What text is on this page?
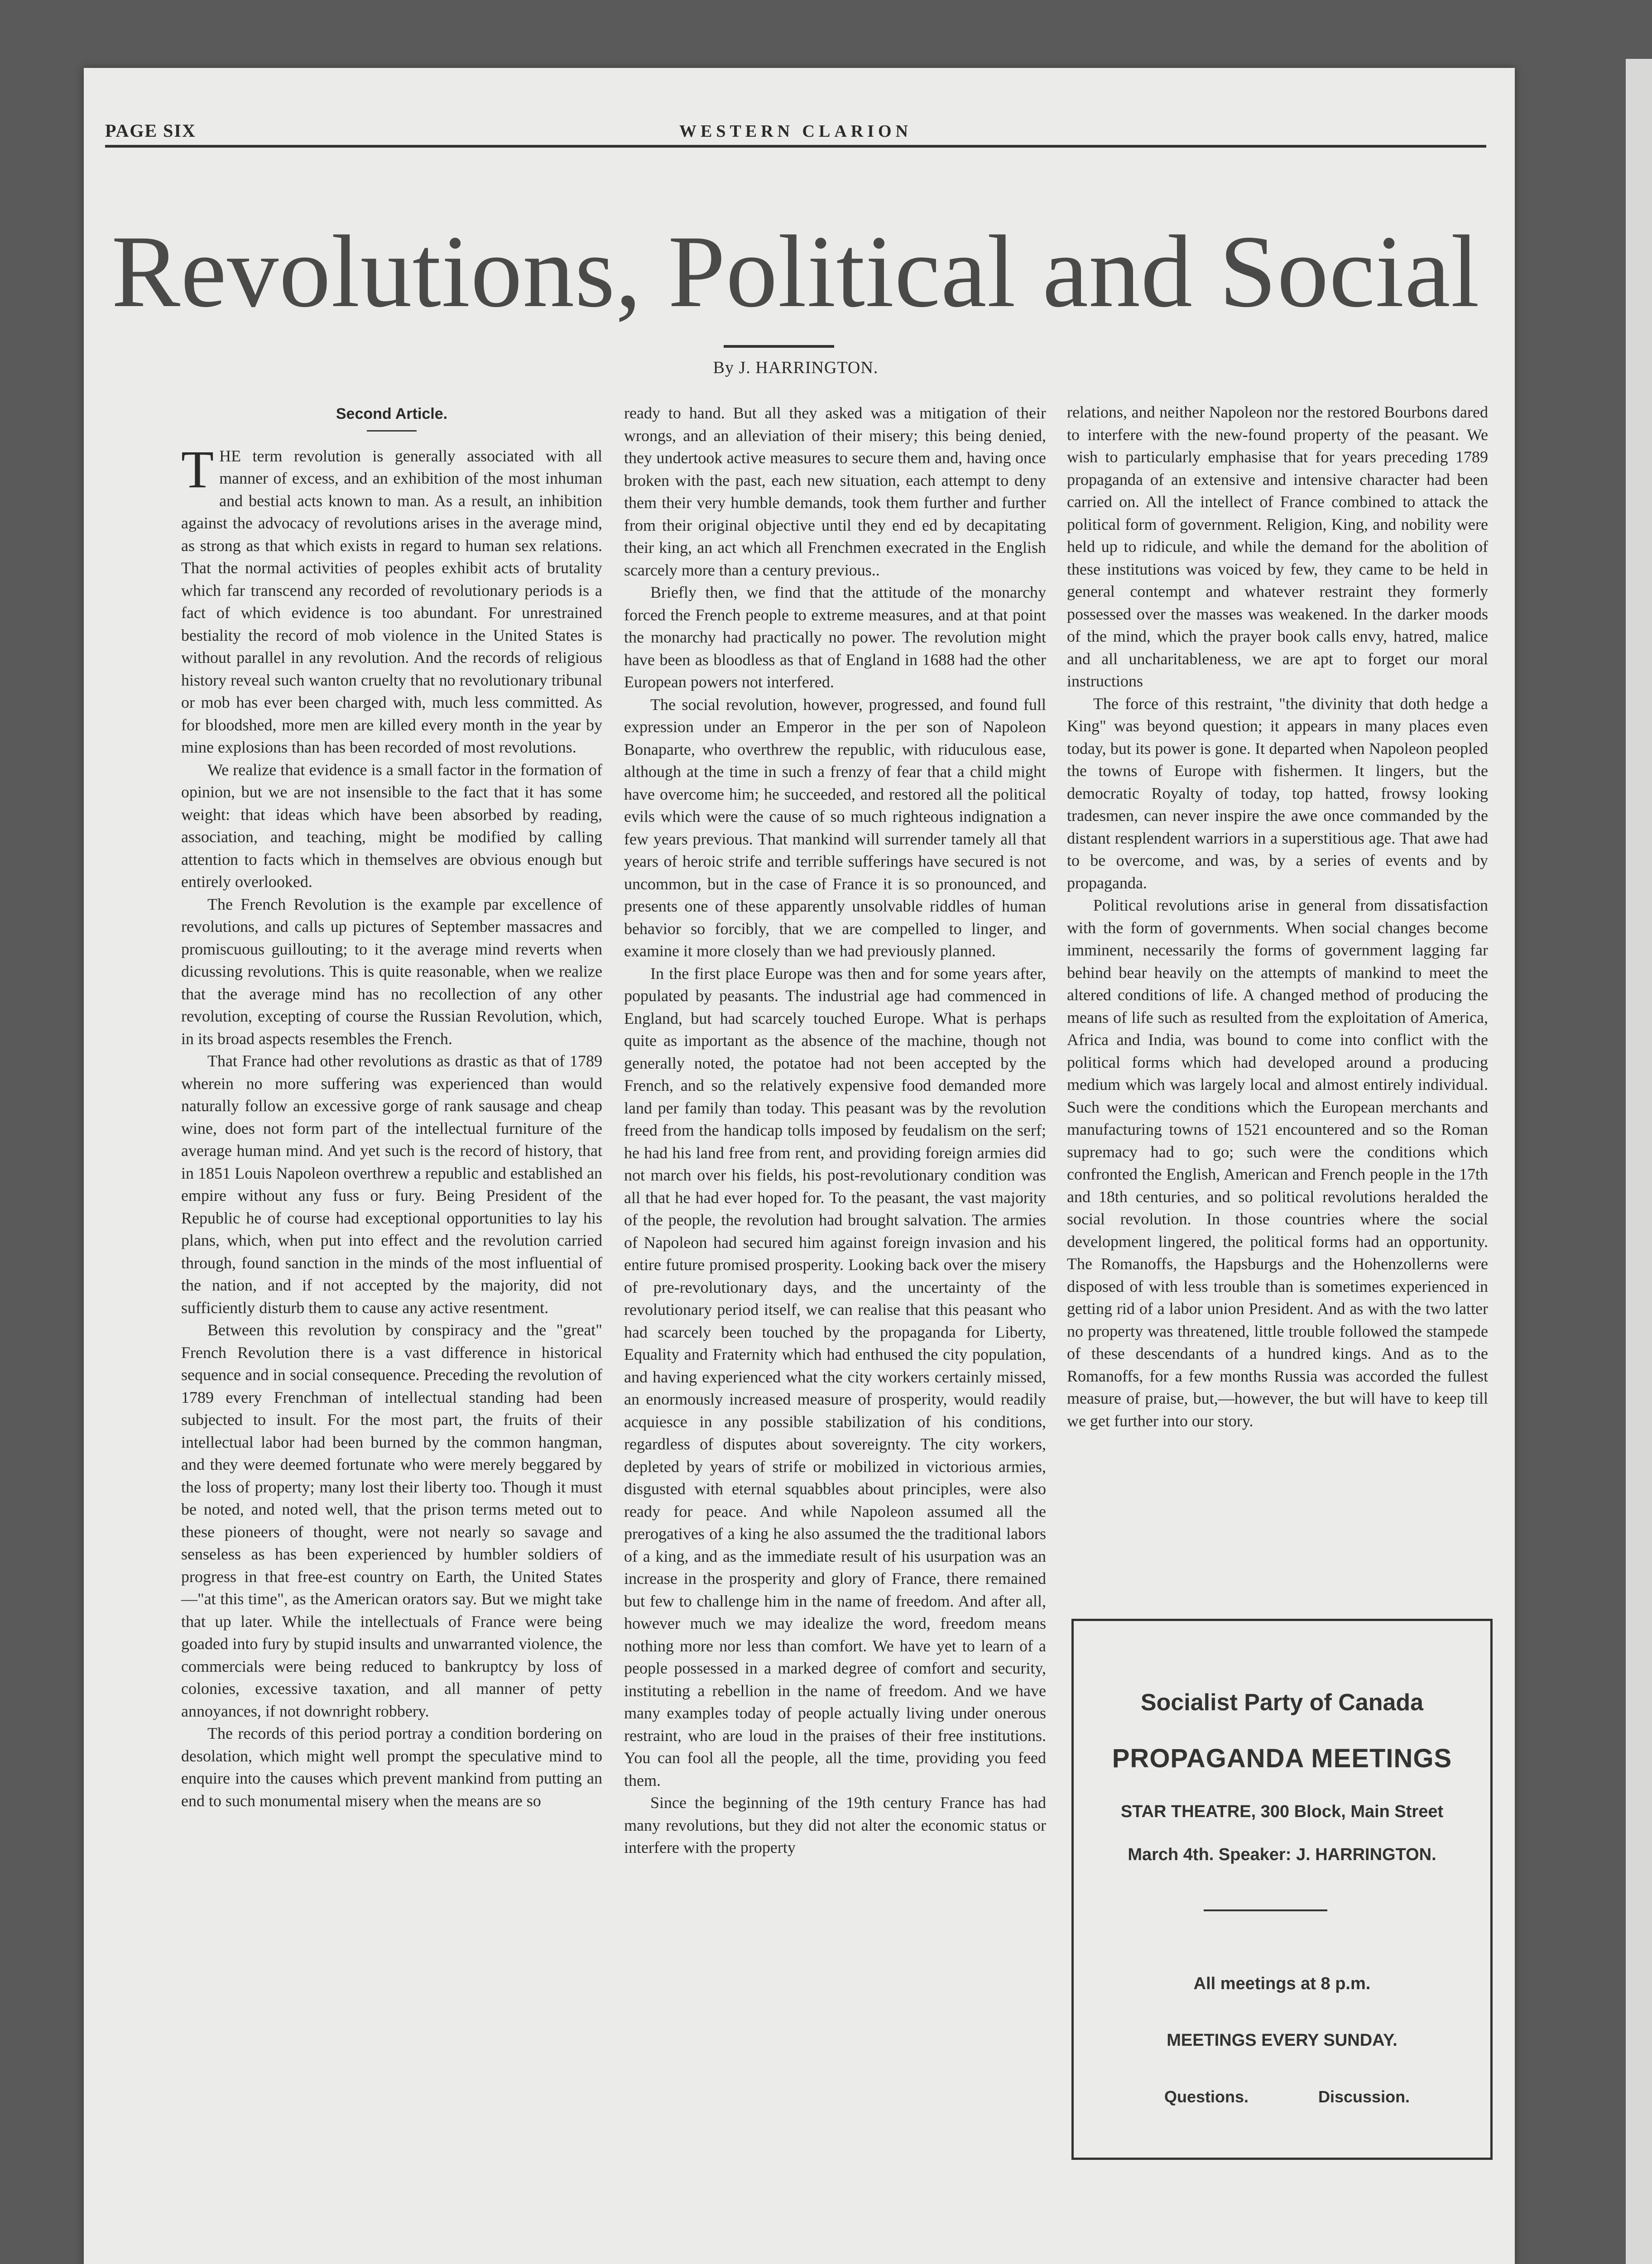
PAGE SIX	WESTERN CLARION
Revolutions, Political and Social
By J. HARRINGTON.
Second Article.

THE term revolution is generally associated with all manner of excess, and an exhibition of the most inhuman and bestial acts known to man. As a result, an inhibition against the advocacy of revolutions arises in the average mind, as strong as that which exists in regard to human sex relations. That the normal activities of peoples exhibit acts of brutality which far transcend any recorded of revolutionary periods is a fact of which evidence is too abundant. For unrestrained bestiality the record of mob violence in the United States is without parallel in any revolution. And the records of religious history reveal such wanton cruelty that no revolutionary tribunal or mob has ever been charged with, much less committed. As for bloodshed, more men are killed every month in the year by mine explosions than has been recorded of most revolutions.

We realize that evidence is a small factor in the formation of opinion, but we are not insensible to the fact that it has some weight: that ideas which have been absorbed by reading, association, and teaching, might be modified by calling attention to facts which in themselves are obvious enough but entirely overlooked.

The French Revolution is the example par excellence of revolutions, and calls up pictures of September massacres and promiscuous guillouting; to it the average mind reverts when dicussing revolutions. This is quite reasonable, when we realize that the average mind has no recollection of any other revolution, excepting of course the Russian Revolution, which, in its broad aspects resembles the French.

That France had other revolutions as drastic as that of 1789 wherein no more suffering was experienced than would naturally follow an excessive gorge of rank sausage and cheap wine, does not form part of the intellectual furniture of the average human mind. And yet such is the record of history, that in 1851 Louis Napoleon overthrew a republic and established an empire without any fuss or fury. Being President of the Republic he of course had exceptional opportunities to lay his plans, which, when put into effect and the revolution carried through, found sanction in the minds of the most influential of the nation, and if not accepted by the majority, did not sufficiently disturb them to cause any active resentment.

Between this revolution by conspiracy and the "great" French Revolution there is a vast difference in historical sequence and in social consequence. Preceding the revolution of 1789 every Frenchman of intellectual standing had been subjected to insult. For the most part, the fruits of their intellectual labor had been burned by the common hangman, and they were deemed fortunate who were merely beggared by the loss of property; many lost their liberty too. Though it must be noted, and noted well, that the prison terms meted out to these pioneers of thought, were not nearly so savage and senseless as has been experienced by humbler soldiers of progress in that free-est country on Earth, the United States —"at this time", as the American orators say. But we might take that up later. While the intellectuals of France were being goaded into fury by stupid insults and unwarranted violence, the commercials were being reduced to bankruptcy by loss of colonies, excessive taxation, and all manner of petty annoyances, if not downright robbery.

The records of this period portray a condition bordering on desolation, which might well prompt the speculative mind to enquire into the causes which prevent mankind from putting an end to such monumental misery when the means are so

ready to hand. But all they asked was a mitigation of their wrongs, and an alleviation of their misery; this being denied, they undertook active measures to secure them and, having once broken with the past, each new situation, each attempt to deny them their very humble demands, took them further and further from their original objective until they end ed by decapitating their king, an act which all Frenchmen execrated in the English scarcely more than a century previous..

Briefly then, we find that the attitude of the monarchy forced the French people to extreme measures, and at that point the monarchy had practically no power. The revolution might have been as bloodless as that of England in 1688 had the other European powers not interfered.

The social revolution, however, progressed, and found full expression under an Emperor in the per son of Napoleon Bonaparte, who overthrew the republic, with riduculous ease, although at the time in such a frenzy of fear that a child might have overcome him; he succeeded, and restored all the political evils which were the cause of so much righteous indignation a few years previous. That mankind will surrender tamely all that years of heroic strife and terrible sufferings have secured is not uncommon, but in the case of France it is so pronounced, and presents one of these apparently unsolvable riddles of human behavior so forcibly, that we are compelled to linger, and examine it more closely than we had previously planned.

In the first place Europe was then and for some years after, populated by peasants. The industrial age had commenced in England, but had scarcely touched Europe. What is perhaps quite as important as the absence of the machine, though not generally noted, the potatoe had not been accepted by the French, and so the relatively expensive food demanded more land per family than today. This peasant was by the revolution freed from the handicap tolls imposed by feudalism on the serf; he had his land free from rent, and providing foreign armies did not march over his fields, his post-revolutionary condition was all that he had ever hoped for. To the peasant, the vast majority of the people, the revolution had brought salvation. The armies of Napoleon had secured him against foreign invasion and his entire future promised prosperity. Looking back over the misery of pre-revolutionary days, and the uncertainty of the revolutionary period itself, we can realise that this peasant who had scarcely been touched by the propaganda for Liberty, Equality and Fraternity which had enthused the city population, and having experienced what the city workers certainly missed, an enormously increased measure of prosperity, would readily acquiesce in any possible stabilization of his conditions, regardless of disputes about sovereignty. The city workers, depleted by years of strife or mobilized in victorious armies, disgusted with eternal squabbles about principles, were also ready for peace. And while Napoleon assumed all the prerogatives of a king he also assumed the the traditional labors of a king, and as the immediate result of his usurpation was an increase in the prosperity and glory of France, there remained but few to challenge him in the name of freedom. And after all, however much we may idealize the word, freedom means nothing more nor less than comfort. We have yet to learn of a people possessed in a marked degree of comfort and security, instituting a rebellion in the name of freedom. And we have many examples today of people actually living under onerous restraint, who are loud in the praises of their free institutions. You can fool all the people, all the time, providing you feed them.

Since the beginning of the 19th century France has had many revolutions, but they did not alter the economic status or interfere with the property

relations, and neither Napoleon nor the restored Bourbons dared to interfere with the new-found property of the peasant. We wish to particularly emphasise that for years preceding 1789 propaganda of an extensive and intensive character had been carried on. All the intellect of France combined to attack the political form of government. Religion, King, and nobility were held up to ridicule, and while the demand for the abolition of these institutions was voiced by few, they came to be held in general contempt and whatever restraint they formerly possessed over the masses was weakened. In the darker moods of the mind, which the prayer book calls envy, hatred, malice and all uncharitableness, we are apt to forget our moral instructions

The force of this restraint, "the divinity that doth hedge a King" was beyond question; it appears in many places even today, but its power is gone. It departed when Napoleon peopled the towns of Europe with fishermen. It lingers, but the democratic Royalty of today, top hatted, frowsy looking tradesmen, can never inspire the awe once commanded by the distant resplendent warriors in a superstitious age. That awe had to be overcome, and was, by a series of events and by propaganda.

Political revolutions arise in general from dissatisfaction with the form of governments. When social changes become imminent, necessarily the forms of government lagging far behind bear heavily on the attempts of mankind to meet the altered conditions of life. A changed method of producing the means of life such as resulted from the exploitation of America, Africa and India, was bound to come into conflict with the political forms which had developed around a producing medium which was largely local and almost entirely individual. Such were the conditions which the European merchants and manufacturing towns of 1521 encountered and so the Roman supremacy had to go; such were the conditions which confronted the English, American and French people in the 17th and 18th centuries, and so political revolutions heralded the social revolution. In those countries where the social development lingered, the political forms had an opportunity. The Romanoffs, the Hapsburgs and the Hohenzollerns were disposed of with less trouble than is sometimes experienced in getting rid of a labor union President. And as with the two latter no property was threatened, little trouble followed the stampede of these descendants of a hundred kings. And as to the Romanoffs, for a few months Russia was accorded the fullest measure of praise, but,—however, the but will have to keep till we get further into our story.

Socialist Party of Canada
PROPAGANDA MEETINGS
STAR THEATRE, 300 Block, Main Street
March 4th. Speaker: J. HARRINGTON.
All meetings at 8 p.m.
MEETINGS EVERY SUNDAY.
Questions.	Discussion.
